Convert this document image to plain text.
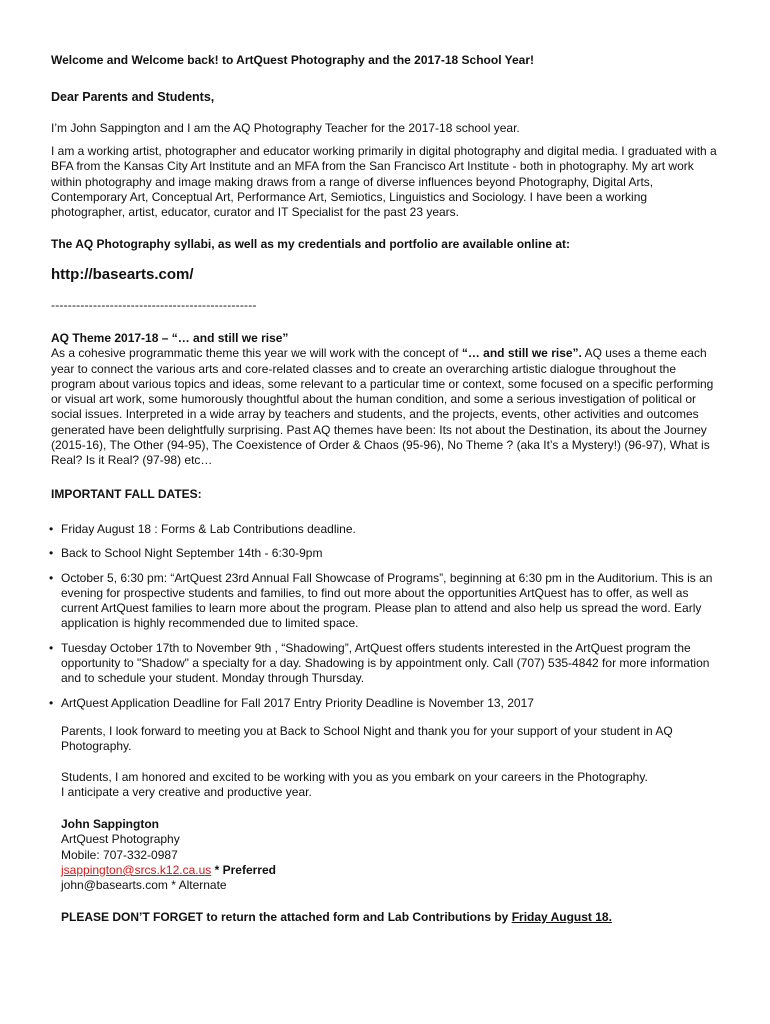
Welcome and Welcome back! to ArtQuest Photography and the 2017-18 School Year!

Dear Parents and Students,

I’m John Sappington and I am the AQ Photography Teacher for the 2017-18 school year.

I am a working artist, photographer and educator working primarily in digital photography and digital media. I graduated with a BFA from the Kansas City Art Institute and an MFA from the San Francisco Art Institute - both in photography. My art work within photography and image making draws from a range of diverse influences beyond Photography, Digital Arts, Contemporary Art, Conceptual Art, Performance Art, Semiotics, Linguistics and Sociology. I have been a working photographer, artist, educator, curator and IT Specialist for the past 23 years.

The AQ Photography syllabi, as well as my credentials and portfolio are available online at:

http://basearts.com/

-------------------------------------------------

AQ Theme 2017-18 – “… and still we rise”

As a cohesive programmatic theme this year we will work with the concept of “… and still we rise”. AQ uses a theme each year to connect the various arts and core-related classes and to create an overarching artistic dialogue throughout the program about various topics and ideas, some relevant to a particular time or context, some focused on a specific performing or visual art work, some humorously thoughtful about the human condition, and some a serious investigation of political or social issues. Interpreted in a wide array by teachers and students, and the projects, events, other activities and outcomes generated have been delightfully surprising. Past AQ themes have been: Its not about the Destination, its about the Journey (2015-16), The Other (94-95), The Coexistence of Order & Chaos (95-96), No Theme ? (aka It’s a Mystery!) (96-97), What is Real? Is it Real? (97-98) etc…

IMPORTANT FALL DATES:

• Friday August 18 : Forms & Lab Contributions deadline.
• Back to School Night September 14th - 6:30-9pm
• October 5, 6:30 pm: “ArtQuest 23rd Annual Fall Showcase of Programs”, beginning at 6:30 pm in the Auditorium. This is an evening for prospective students and families, to find out more about the opportunities ArtQuest has to offer, as well as current ArtQuest families to learn more about the program. Please plan to attend and also help us spread the word. Early application is highly recommended due to limited space.
• Tuesday October 17th to November 9th , “Shadowing”, ArtQuest offers students interested in the ArtQuest program the opportunity to "Shadow" a specialty for a day. Shadowing is by appointment only. Call (707) 535-4842 for more information and to schedule your student. Monday through Thursday.
• ArtQuest Application Deadline for Fall 2017 Entry Priority Deadline is November 13, 2017

Parents, I look forward to meeting you at Back to School Night and thank you for your support of your student in AQ Photography.

Students, I am honored and excited to be working with you as you embark on your careers in the Photography.

I anticipate a very creative and productive year.

John Sappington

ArtQuest Photography

Mobile: 707-332-0987

jsappington@srcs.k12.ca.us * Preferred

john@basearts.com * Alternate

PLEASE DON’T FORGET to return the attached form and Lab Contributions by Friday August 18.
